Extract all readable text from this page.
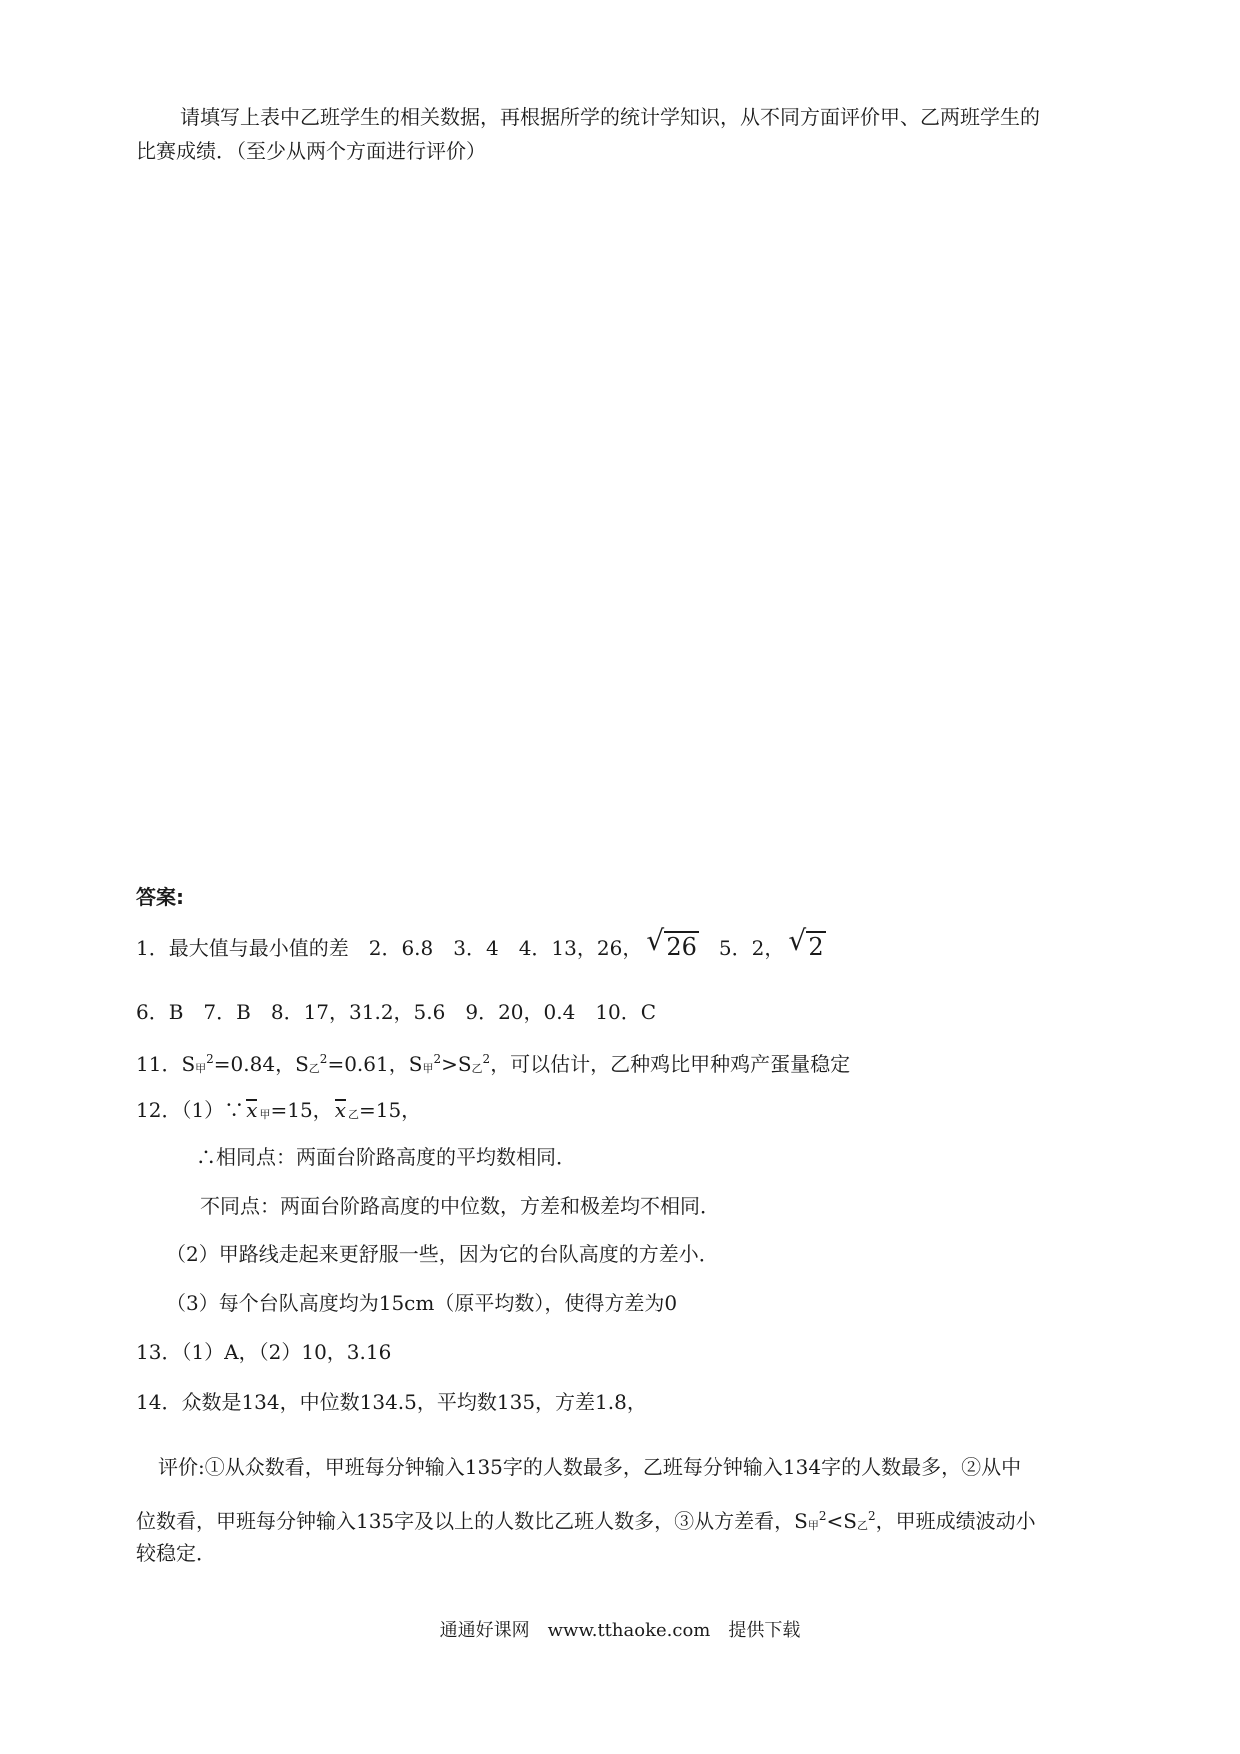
请填写上表中乙班学生的相关数据，再根据所学的统计学知识，从不同方面评价甲、乙两班学生的
比赛成绩．（至少从两个方面进行评价）
答案:
1．最大值与最小值的差　2．6.8　3．4　4．13，26， √ 26　5．2， √ 2
6．B　7．B　8．17，31.2，5.6　9．20，0.4　10．C
11．S甲$^2$=0.84，S乙$^2$=0.61，S甲$^2$>S乙$^2$，可以估计，乙种鸡比甲种鸡产蛋量稳定
12．（1）∵ x 甲=15， x 乙=15，
∴相同点：两面台阶路高度的平均数相同．
不同点：两面台阶路高度的中位数，方差和极差均不相同．
（2）甲路线走起来更舒服一些，因为它的台队高度的方差小．
（3）每个台队高度均为15cm（原平均数），使得方差为0　
13．（1）A，（2）10，3.16
14．众数是134，中位数134.5，平均数135，方差1.8，
评价:①从众数看，甲班每分钟输入135字的人数最多，乙班每分钟输入134字的人数最多，②从中
位数看，甲班每分钟输入135字及以上的人数比乙班人数多，③从方差看，S甲$^2$<S乙$^2$，甲班成绩波动小
较稳定．
通通好课网　www.tthaoke.com　提供下载
